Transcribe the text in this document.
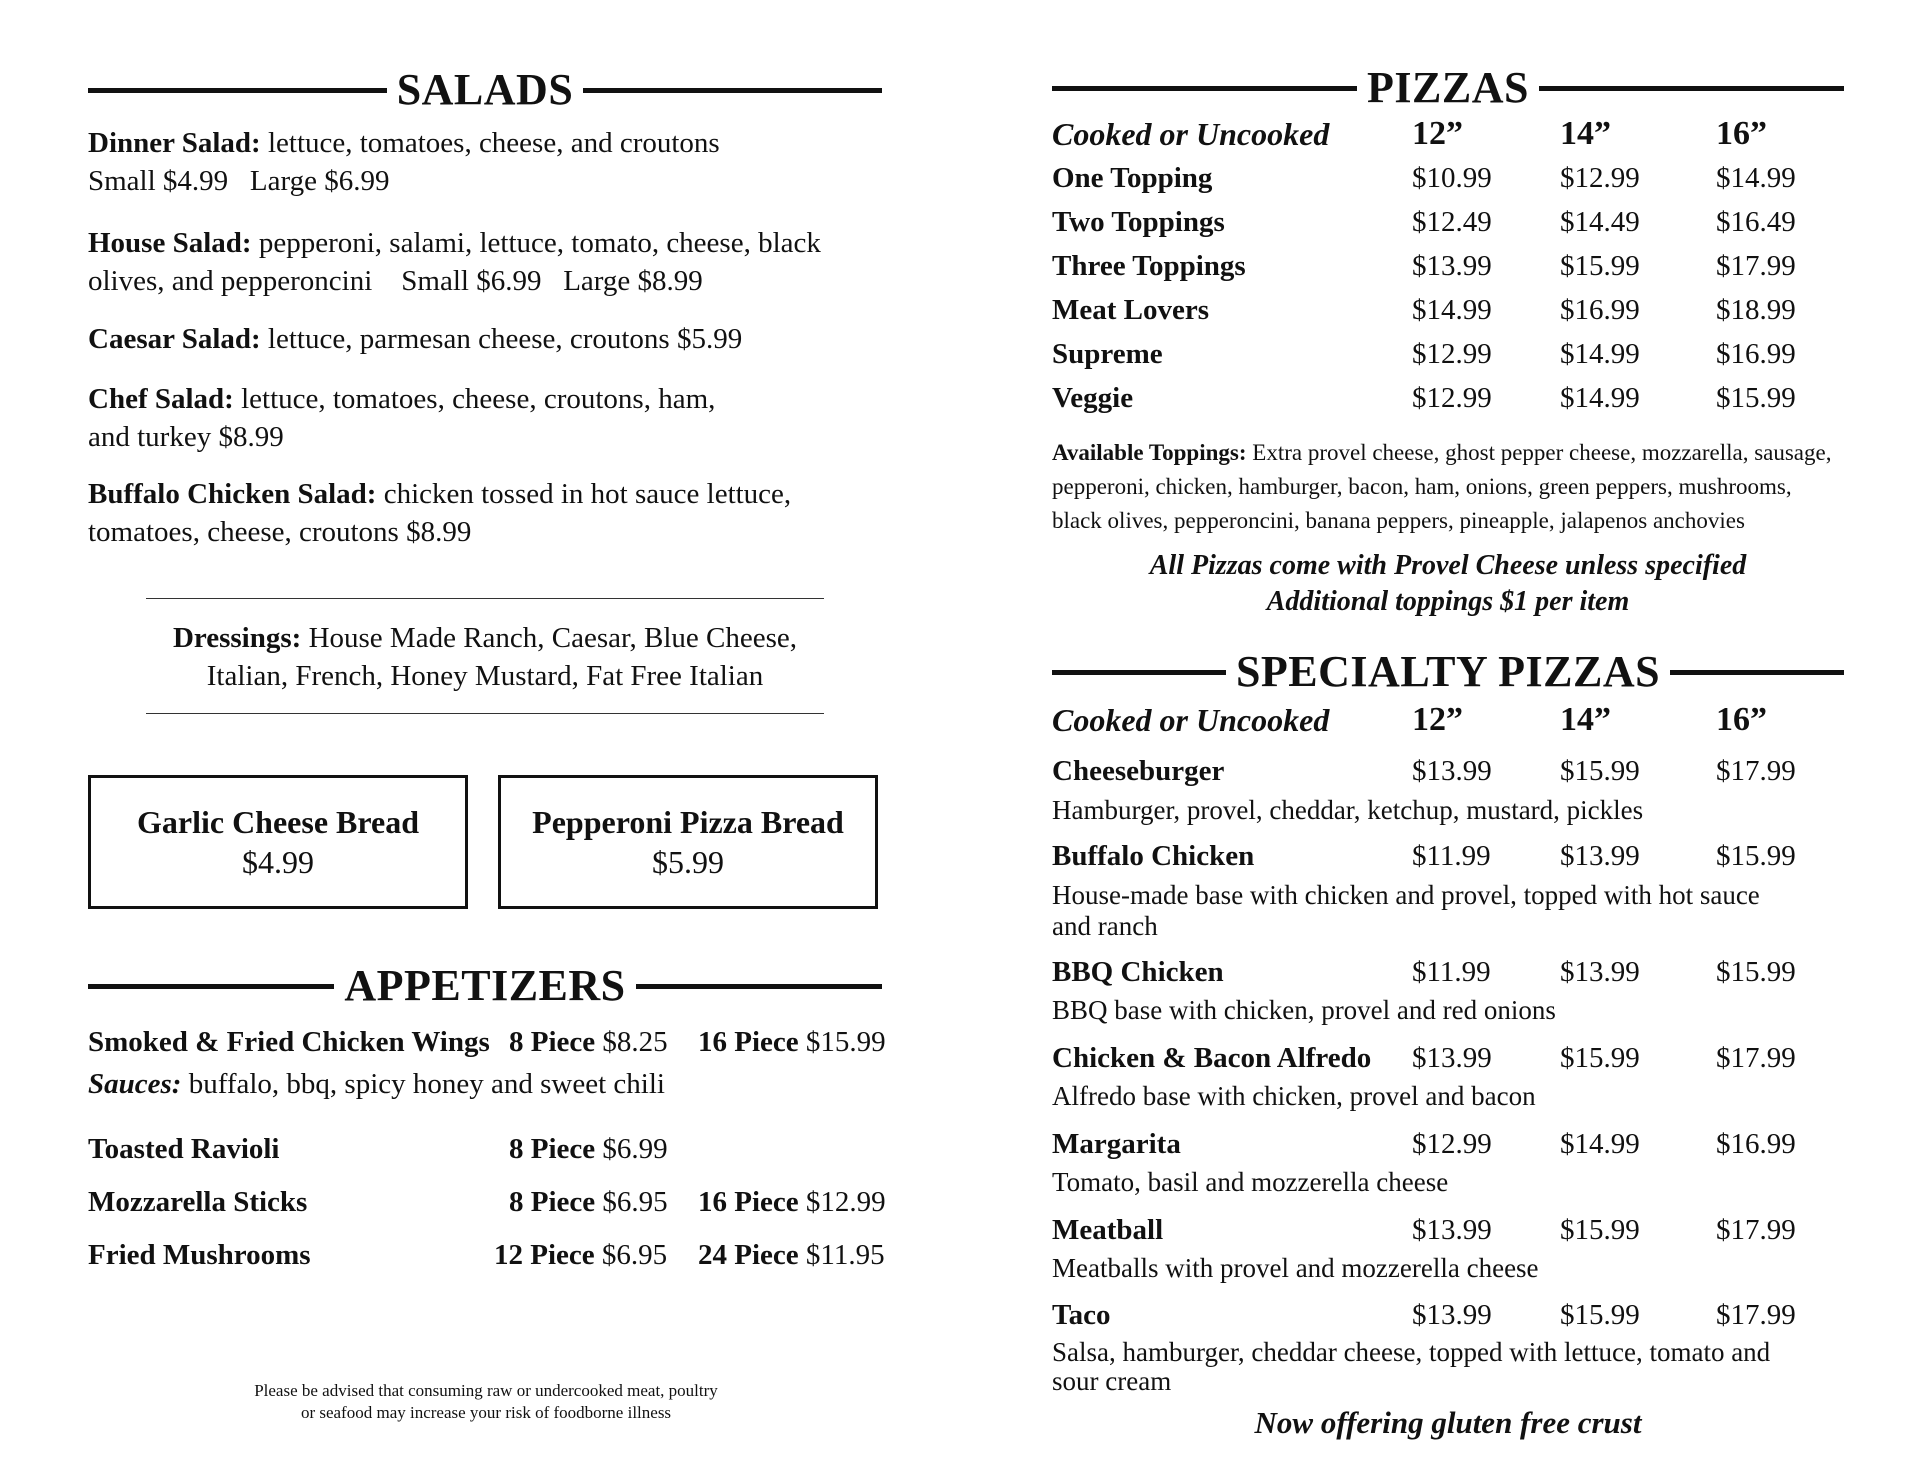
SALADS
Dinner Salad: lettuce, tomatoes, cheese, and croutons
Small $4.99   Large $6.99
House Salad: pepperoni, salami, lettuce, tomato, cheese, black
olives, and pepperoncini    Small $6.99   Large $8.99
Caesar Salad: lettuce, parmesan cheese, croutons $5.99
Chef Salad: lettuce, tomatoes, cheese, croutons, ham,
and turkey $8.99
Buffalo Chicken Salad: chicken tossed in hot sauce lettuce,
tomatoes, cheese, croutons $8.99
Dressings: House Made Ranch, Caesar, Blue Cheese,
Italian, French, Honey Mustard, Fat Free Italian
Garlic Cheese Bread
$4.99
Pepperoni Pizza Bread
$5.99
APPETIZERS
Smoked & Fried Chicken Wings 8 Piece $8.25 16 Piece $15.99
Sauces: buffalo, bbq, spicy honey and sweet chili
Toasted Ravioli	8 Piece $6.99
Mozzarella Sticks	8 Piece $6.95 16 Piece $12.99
Fried Mushrooms	12 Piece $6.95 24 Piece $11.95
Please be advised that consuming raw or undercooked meat, poultry
or seafood may increase your risk of foodborne illness
PIZZAS
Cooked or Uncooked 12”	14”	16”
One Topping	$10.99 $12.99	$14.99
Two Toppings	$12.49 $14.49	$16.49
Three Toppings	$13.99 $15.99	$17.99
Meat Lovers	$14.99 $16.99	$18.99
Supreme	$12.99 $14.99	$16.99
Veggie	$12.99 $14.99	$15.99
Available Toppings: Extra provel cheese, ghost pepper cheese, mozzarella, sausage,
pepperoni, chicken, hamburger, bacon, ham, onions, green peppers, mushrooms,
black olives, pepperoncini, banana peppers, pineapple, jalapenos anchovies
All Pizzas come with Provel Cheese unless specified
Additional toppings $1 per item
SPECIALTY PIZZAS
Cooked or Uncooked 12”	14”	16”
Cheeseburger	$13.99 $15.99	$17.99
Hamburger, provel, cheddar, ketchup, mustard, pickles
Buffalo Chicken	$11.99 $13.99	$15.99
House-made base with chicken and provel, topped with hot sauce
and ranch
BBQ Chicken	$11.99 $13.99	$15.99
BBQ base with chicken, provel and red onions
Chicken & Bacon Alfredo $13.99 $15.99	$17.99
Alfredo base with chicken, provel and bacon
Margarita	$12.99 $14.99	$16.99
Tomato, basil and mozzerella cheese
Meatball	$13.99 $15.99	$17.99
Meatballs with provel and mozzerella cheese
Taco	$13.99 $15.99	$17.99
Salsa, hamburger, cheddar cheese, topped with lettuce, tomato and
sour cream
Now offering gluten free crust
